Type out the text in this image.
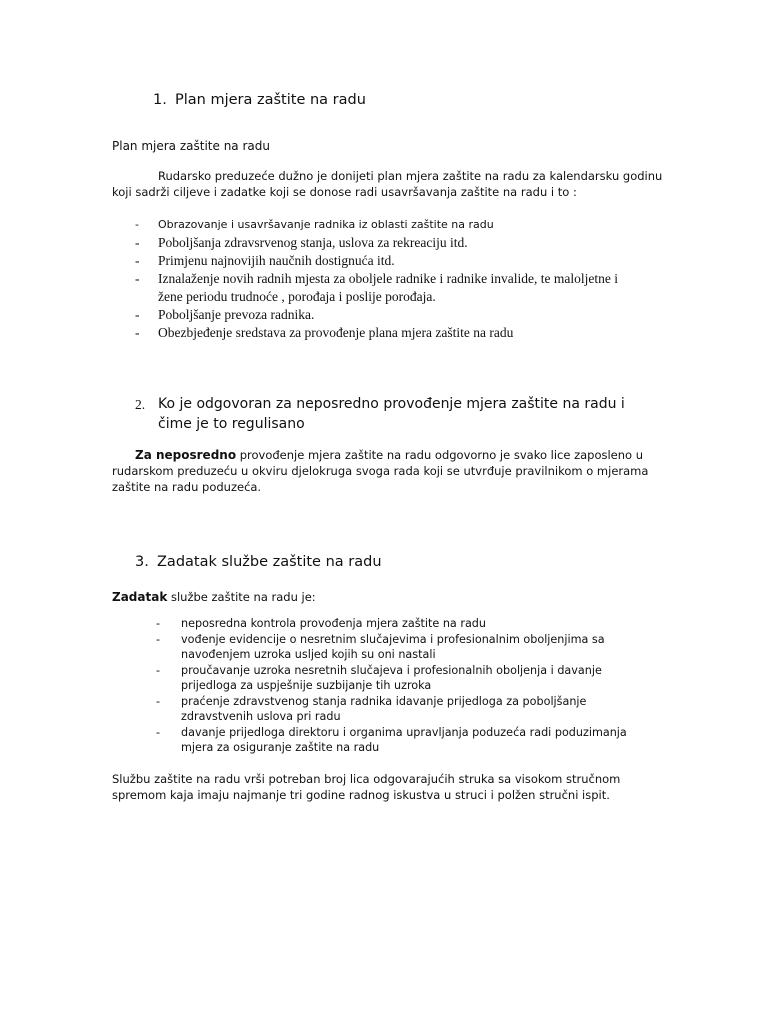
1. Plan mjera zaštite na radu
Plan mjera zaštite na radu
Rudarsko preduzeće dužno je donijeti plan mjera zaštite na radu za kalendarsku godinu
koji sadrži ciljeve i zadatke koji se donose radi usavršavanja zaštite na radu i to :
- Obrazovanje i usavršavanje radnika iz oblasti zaštite na radu
- Poboljšanja zdravsrvenog stanja, uslova za rekreaciju itd.
- Primjenu najnovijih naučnih dostignuća itd.
- Iznalaženje novih radnih mjesta za oboljele radnike i radnike invalide, te maloljetne i žene periodu trudnoće , porođaja i poslije porođaja.
- Poboljšanje prevoza radnika.
- Obezbjeđenje sredstava za provođenje plana mjera zaštite na radu
2. Ko je odgovoran za neposredno provođenje mjera zaštite na radu i
čime je to regulisano
Za neposredno provođenje mjera zaštite na radu odgovorno je svako lice zaposleno u
rudarskom preduzeću u okviru djelokruga svoga rada koji se utvrđuje pravilnikom o mjerama
zaštite na radu poduzeća.
3. Zadatak službe zaštite na radu
Zadatak službe zaštite na radu je:
- neposredna kontrola provođenja mjera zaštite na radu
- vođenje evidencije o nesretnim slučajevima i profesionalnim oboljenjima sa navođenjem uzroka usljed kojih su oni nastali
- proučavanje uzroka nesretnih slučajeva i profesionalnih oboljenja i davanje prijedloga za uspješnije suzbijanje tih uzroka
- praćenje zdravstvenog stanja radnika idavanje prijedloga za poboljšanje zdravstvenih uslova pri radu
- davanje prijedloga direktoru i organima upravljanja poduzeća radi poduzimanja mjera za osiguranje zaštite na radu
Službu zaštite na radu vrši potreban broj lica odgovarajućih struka sa visokom stručnom
spremom kaja imaju najmanje tri godine radnog iskustva u struci i polžen stručni ispit.
